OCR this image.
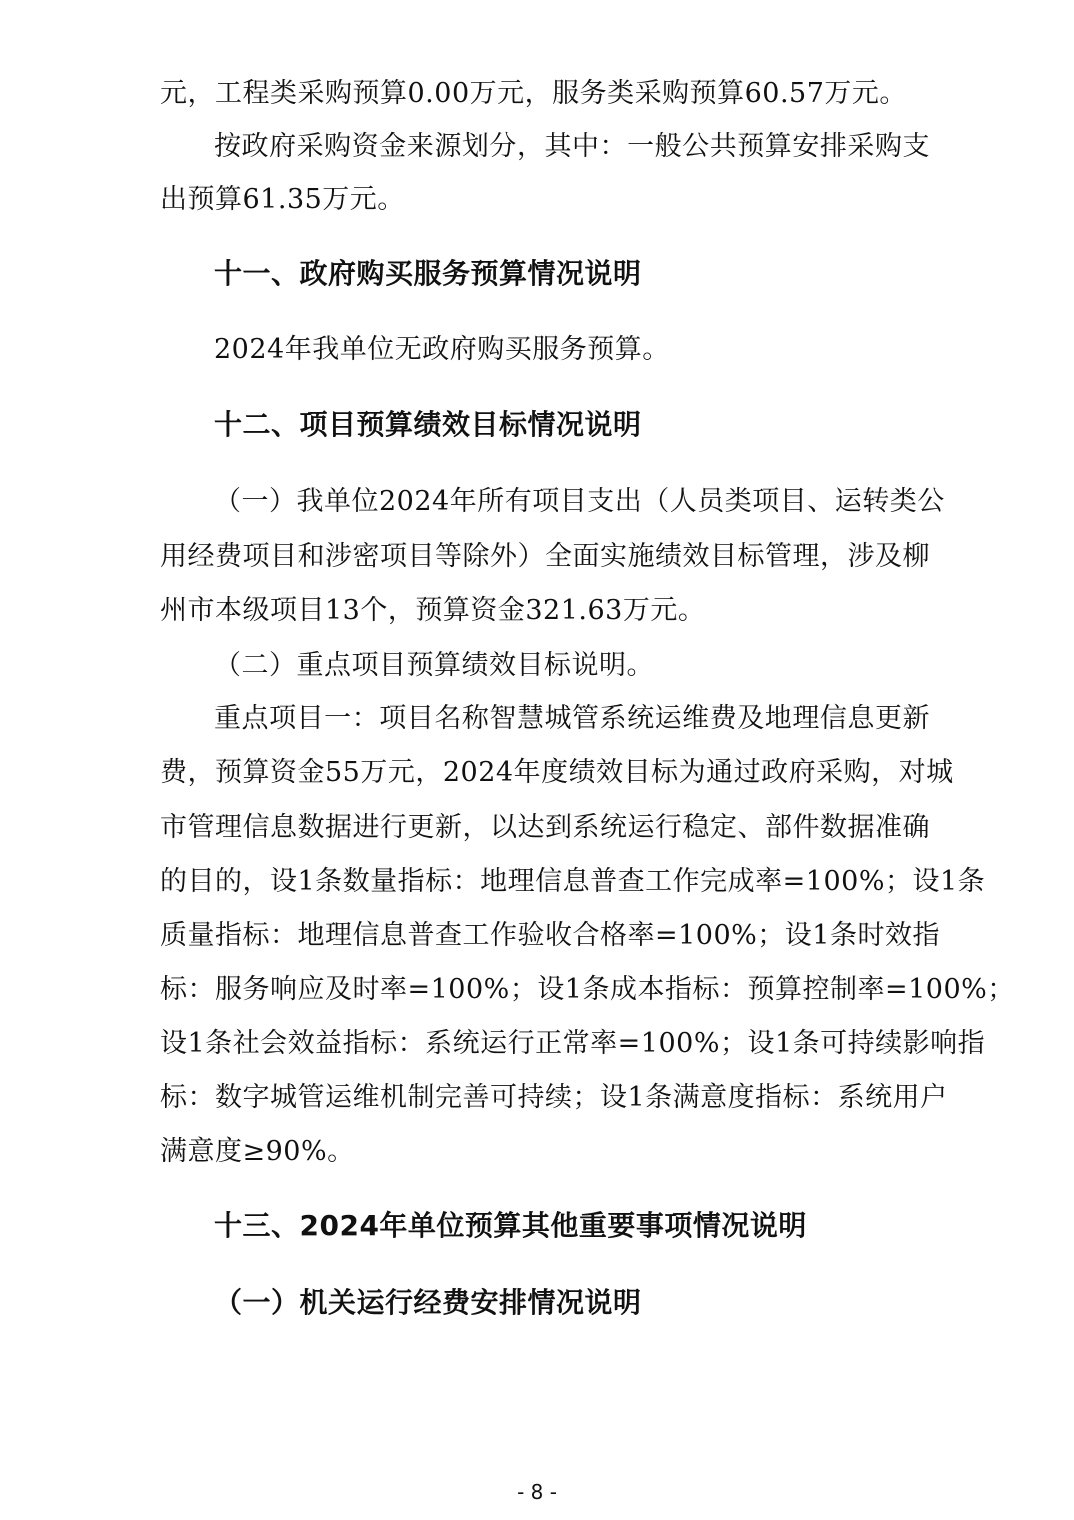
元，工程类采购预算0.00万元，服务类采购预算60.57万元。
按政府采购资金来源划分，其中：一般公共预算安排采购支
出预算61.35万元。
十一、政府购买服务预算情况说明
2024年我单位无政府购买服务预算。
十二、项目预算绩效目标情况说明
（一）我单位2024年所有项目支出（人员类项目、运转类公
用经费项目和涉密项目等除外）全面实施绩效目标管理，涉及柳
州市本级项目13个，预算资金321.63万元。
（二）重点项目预算绩效目标说明。
重点项目一：项目名称智慧城管系统运维费及地理信息更新
费，预算资金55万元，2024年度绩效目标为通过政府采购，对城
市管理信息数据进行更新，以达到系统运行稳定、部件数据准确
的目的，设1条数量指标：地理信息普查工作完成率=100%；设1条
质量指标：地理信息普查工作验收合格率=100%；设1条时效指
标：服务响应及时率=100%；设1条成本指标：预算控制率=100%；
设1条社会效益指标：系统运行正常率=100%；设1条可持续影响指
标：数字城管运维机制完善可持续；设1条满意度指标：系统用户
满意度≥90%。
十三、2024年单位预算其他重要事项情况说明
（一）机关运行经费安排情况说明
- 8 -
